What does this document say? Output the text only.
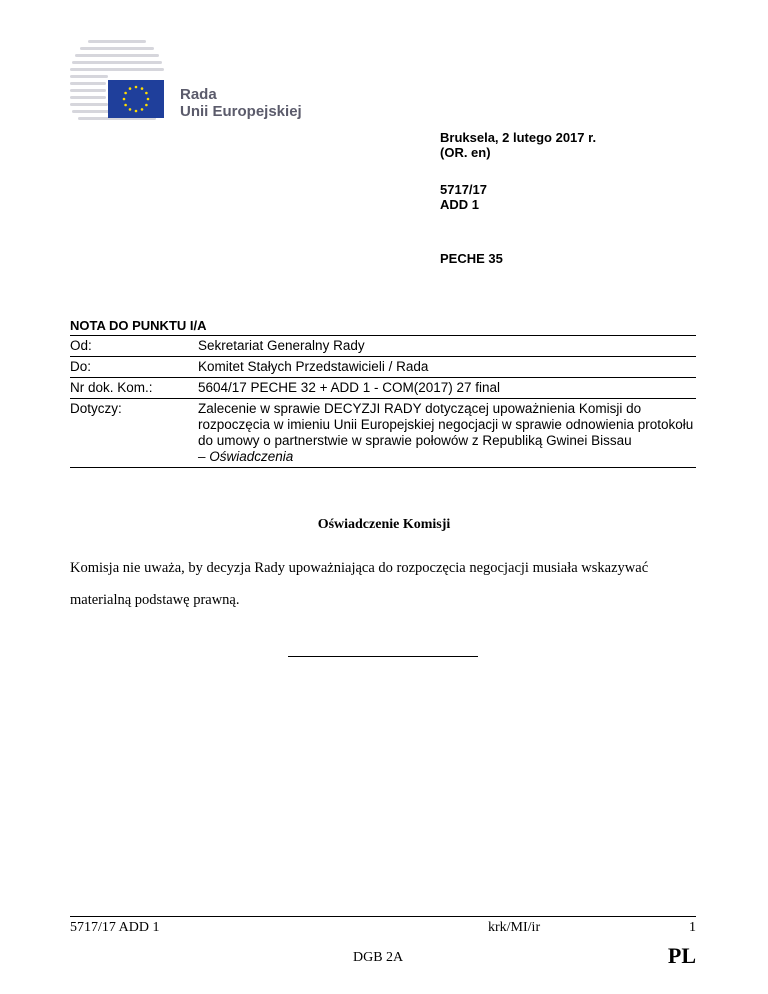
Rada
Unii Europejskiej
Bruksela, 2 lutego 2017 r.
(OR. en)
5717/17
ADD 1
PECHE 35
NOTA DO PUNKTU I/A
Od:	Sekretariat Generalny Rady
Do:	Komitet Stałych Przedstawicieli / Rada
Nr dok. Kom.:	5604/17 PECHE 32 + ADD 1 - COM(2017) 27 final
Dotyczy:	Zalecenie w sprawie DECYZJI RADY dotyczącej upoważnienia Komisji do rozpoczęcia w imieniu Unii Europejskiej negocjacji w sprawie odnowienia protokołu do umowy o partnerstwie w sprawie połowów z Republiką Gwinei Bissau
– Oświadczenia
Oświadczenie Komisji
Komisja nie uważa, by decyzja Rady upoważniająca do rozpoczęcia negocjacji musiała wskazywać materialną podstawę prawną.
5717/17 ADD 1	krk/MI/ir	1
DGB 2A	PL
